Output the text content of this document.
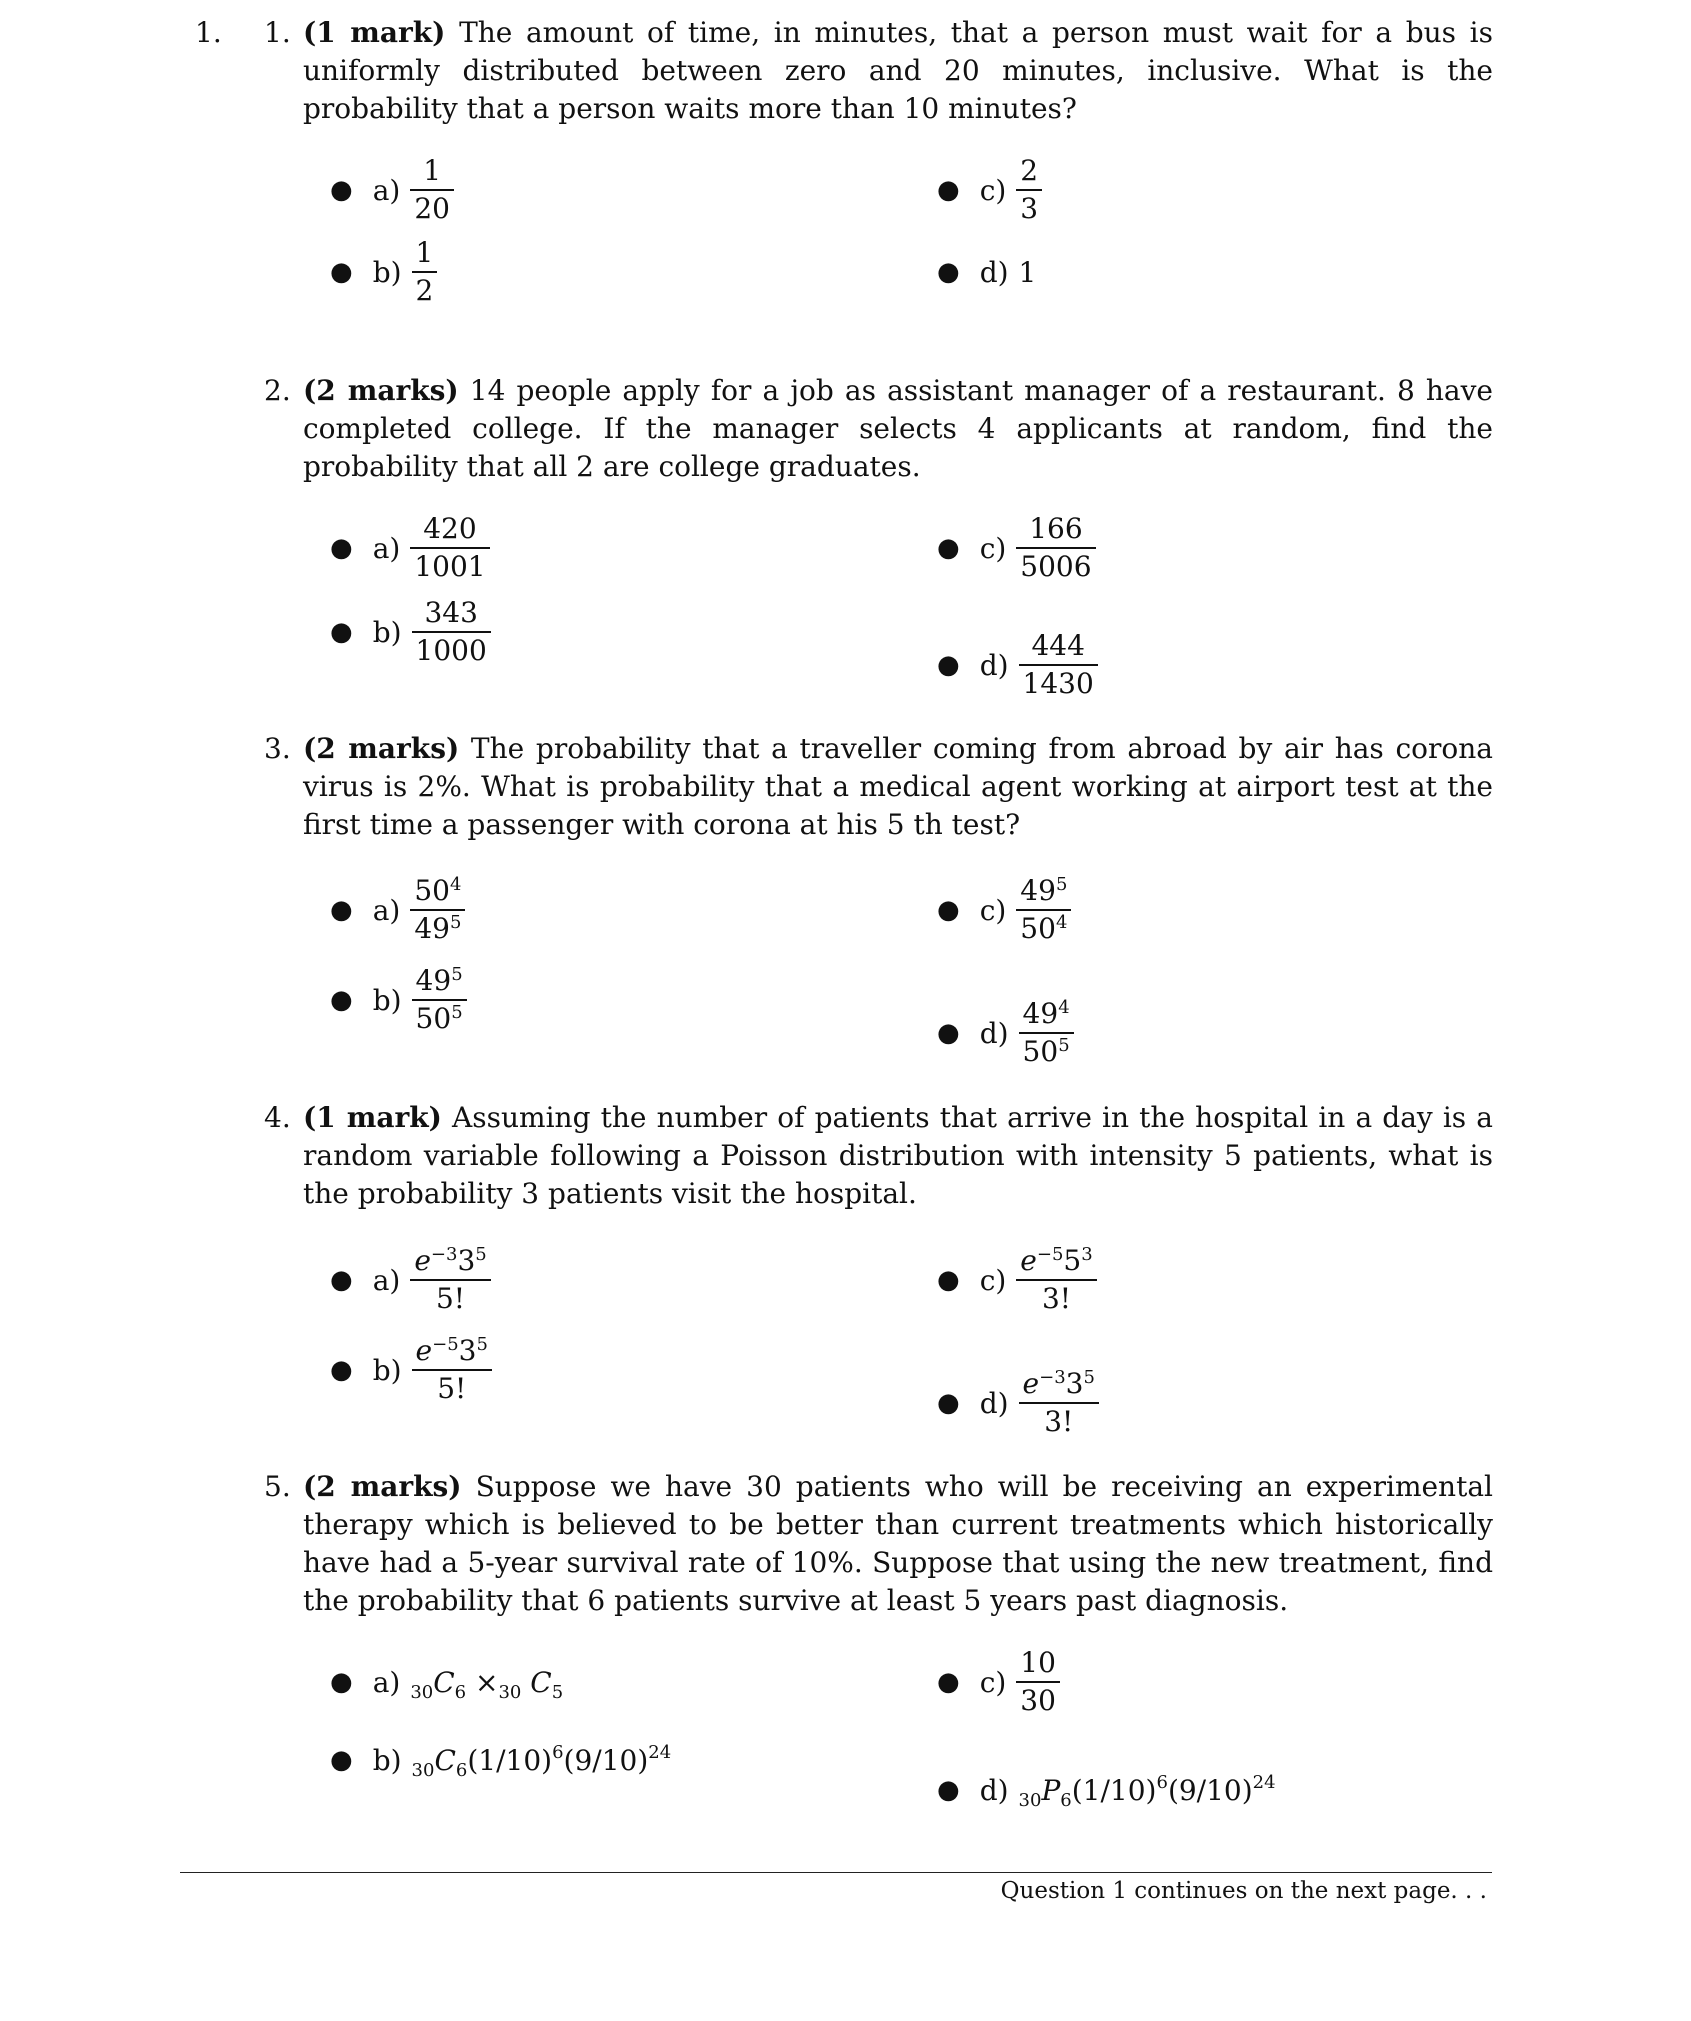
1. 1. (1 mark) The amount of time, in minutes, that a person must wait for a bus is uniformly distributed between zero and 20 minutes, inclusive. What is the probability that a person waits more than 10 minutes?
● $a) \frac{1}{20}$
● $b) \frac{1}{2}$
● $c) \frac{2}{3}$
● d) 1
2. (2 marks) 14 people apply for a job as assistant manager of a restaurant. 8 have completed college. If the manager selects 4 applicants at random, find the probability that all 2 are college graduates.
● $a) \frac{420}{1001}$
● $b) \frac{343}{1000}$
● $c) \frac{166}{5006}$
● $d) \frac{444}{1430}$
3. (2 marks) The probability that a traveller coming from abroad by air has corona virus is 2%. What is probability that a medical agent working at airport test at the first time a passenger with corona at his 5 th test?
● $a) \frac{50^4}{49^5}$
● $b) \frac{49^5}{50^5}$
● $c) \frac{49^5}{50^4}$
● $d) \frac{49^4}{50^5}$
4. (1 mark) Assuming the number of patients that arrive in the hospital in a day is a random variable following a Poisson distribution with intensity 5 patients, what is the probability 3 patients visit the hospital.
● $a) \frac{e^{-3}3^5}{5!}$
● $b) \frac{e^{-5}3^5}{5!}$
● $c) \frac{e^{-5}5^3}{3!}$
● $d) \frac{e^{-3}3^5}{3!}$
5. (2 marks) Suppose we have 30 patients who will be receiving an experimental therapy which is believed to be better than current treatments which historically have had a 5-year survival rate of 10%. Suppose that using the new treatment, find the probability that 6 patients survive at least 5 years past diagnosis.
● a) $_{30}C_6 \times_{30}$ $C_5$
● b) $_{30}C_6(1/10)^6(9/10)^{24}$
● $c) \frac{10}{30}$
● d) $_{30}P_6(1/10)^6(9/10)^{24}$
Question 1 continues on the next page. . .
